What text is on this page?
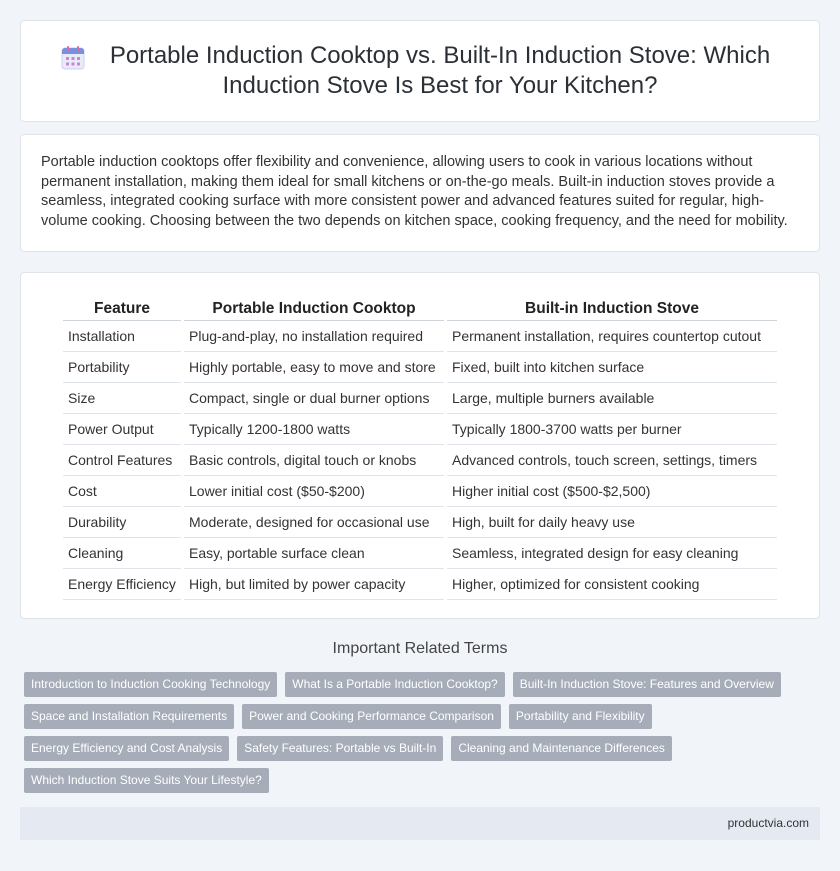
Portable Induction Cooktop vs. Built-In Induction Stove: Which Induction Stove Is Best for Your Kitchen?

Portable induction cooktops offer flexibility and convenience, allowing users to cook in various locations without permanent installation, making them ideal for small kitchens or on-the-go meals. Built-in induction stoves provide a seamless, integrated cooking surface with more consistent power and advanced features suited for regular, high-volume cooking. Choosing between the two depends on kitchen space, cooking frequency, and the need for mobility.

Feature	Portable Induction Cooktop	Built-in Induction Stove
Installation	Plug-and-play, no installation required	Permanent installation, requires countertop cutout
Portability	Highly portable, easy to move and store	Fixed, built into kitchen surface
Size	Compact, single or dual burner options	Large, multiple burners available
Power Output	Typically 1200-1800 watts	Typically 1800-3700 watts per burner
Control Features	Basic controls, digital touch or knobs	Advanced controls, touch screen, settings, timers
Cost	Lower initial cost ($50-$200)	Higher initial cost ($500-$2,500)
Durability	Moderate, designed for occasional use	High, built for daily heavy use
Cleaning	Easy, portable surface clean	Seamless, integrated design for easy cleaning
Energy Efficiency	High, but limited by power capacity	Higher, optimized for consistent cooking
Important Related Terms
Introduction to Induction Cooking Technology	What Is a Portable Induction Cooktop?	Built-In Induction Stove: Features and Overview
Space and Installation Requirements	Power and Cooking Performance Comparison	Portability and Flexibility
Energy Efficiency and Cost Analysis	Safety Features: Portable vs Built-In	Cleaning and Maintenance Differences
Which Induction Stove Suits Your Lifestyle?
productvia.com
